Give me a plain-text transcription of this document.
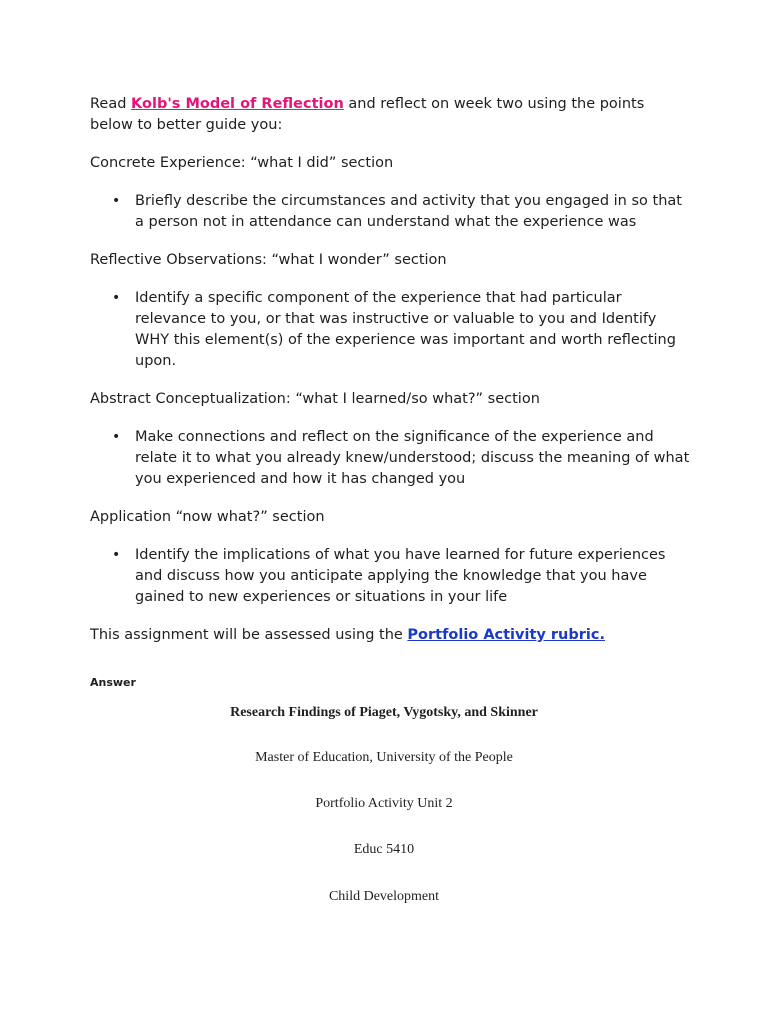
Read Kolb's Model of Reflection and reflect on week two using the points below to better guide you:

Concrete Experience: “what I did” section

• Briefly describe the circumstances and activity that you engaged in so that a person not in attendance can understand what the experience was

Reflective Observations: “what I wonder” section

• Identify a specific component of the experience that had particular relevance to you, or that was instructive or valuable to you and Identify WHY this element(s) of the experience was important and worth reflecting upon.

Abstract Conceptualization: “what I learned/so what?” section

• Make connections and reflect on the significance of the experience and relate it to what you already knew/understood; discuss the meaning of what you experienced and how it has changed you

Application “now what?” section

• Identify the implications of what you have learned for future experiences and discuss how you anticipate applying the knowledge that you have gained to new experiences or situations in your life

This assignment will be assessed using the Portfolio Activity rubric.

Answer
Research Findings of Piaget, Vygotsky, and Skinner
Master of Education, University of the People
Portfolio Activity Unit 2
Educ 5410
Child Development
